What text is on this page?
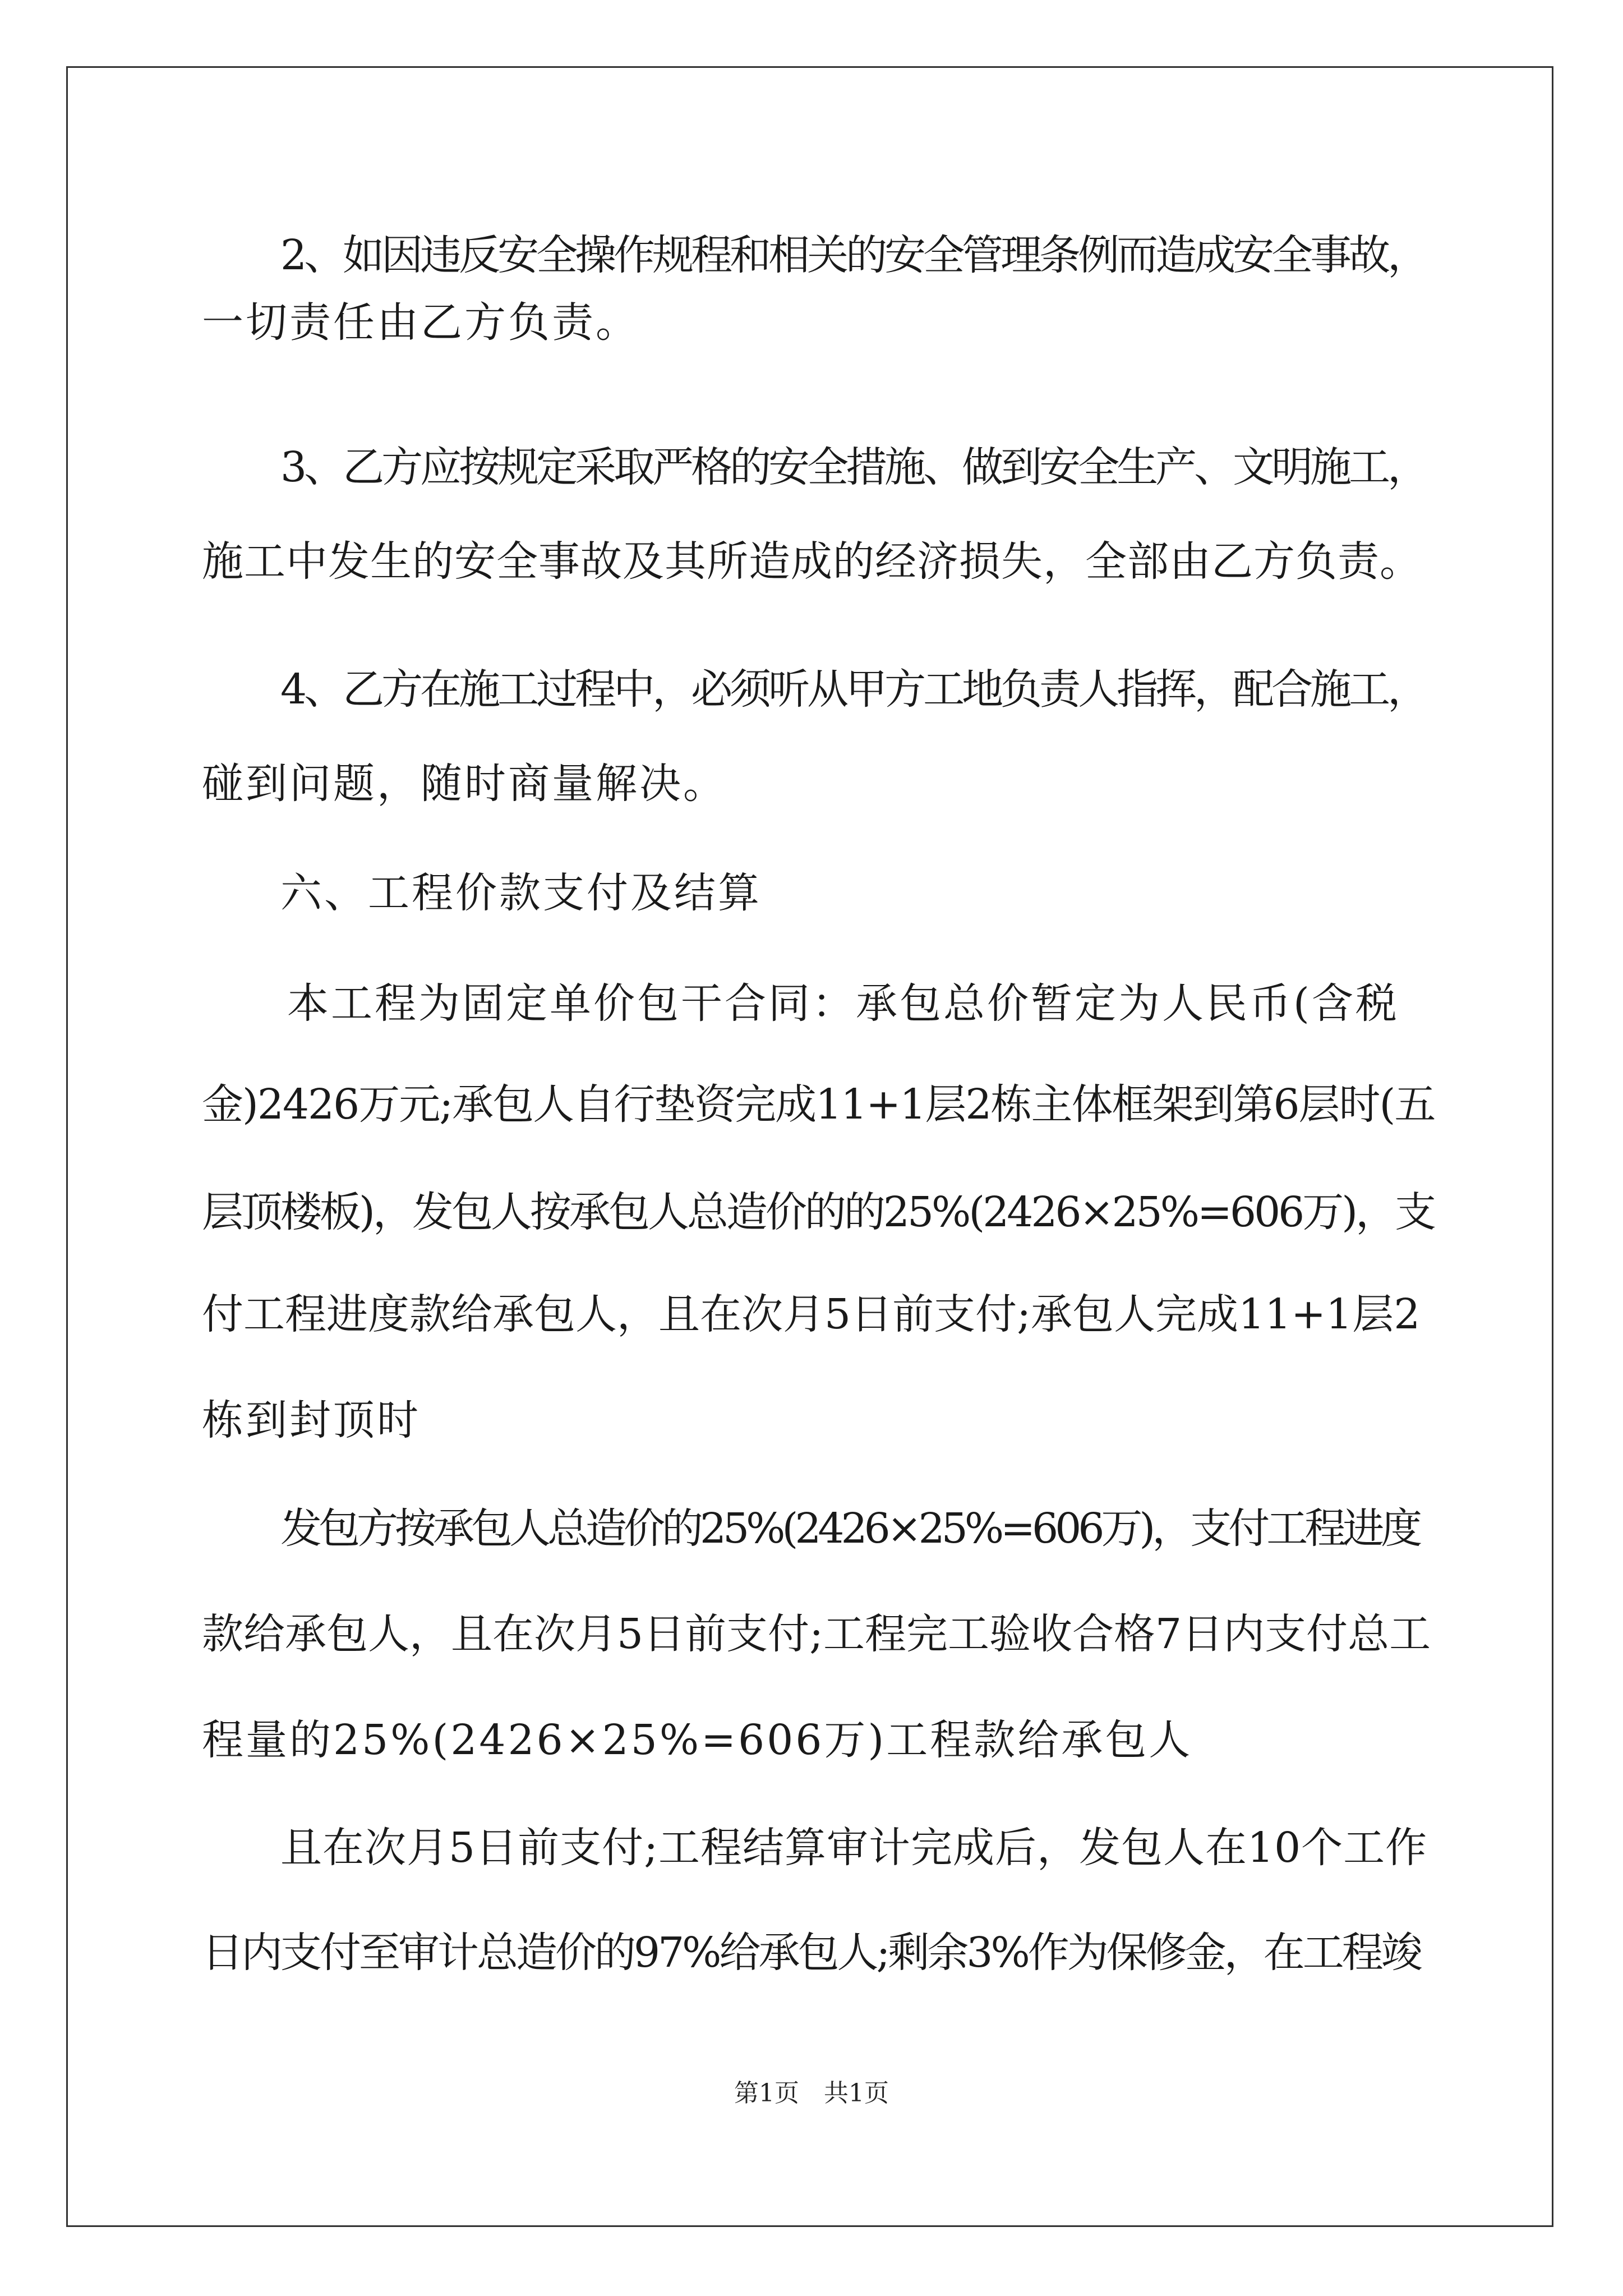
2、如因违反安全操作规程和相关的安全管理条例而造成安全事故，
一切责任由乙方负责。
3、乙方应按规定采取严格的安全措施、做到安全生产、文明施工，
施工中发生的安全事故及其所造成的经济损失，全部由乙方负责。
4、乙方在施工过程中，必须听从甲方工地负责人指挥，配合施工，
碰到问题，随时商量解决。
六、工程价款支付及结算
本工程为固定单价包干合同：承包总价暂定为人民币(含税
金)2426万元;承包人自行垫资完成11+1层2栋主体框架到第6层时(五
层顶楼板)，发包人按承包人总造价的的25%(2426×25%=606万)，支
付工程进度款给承包人，且在次月5日前支付;承包人完成11+1层2
栋到封顶时
发包方按承包人总造价的25%(2426×25%=606万)，支付工程进度
款给承包人，且在次月5日前支付;工程完工验收合格7日内支付总工
程量的25%(2426×25%=606万)工程款给承包人
且在次月5日前支付;工程结算审计完成后，发包人在10个工作
日内支付至审计总造价的97%给承包人;剩余3%作为保修金，在工程竣
第1页　共1页
